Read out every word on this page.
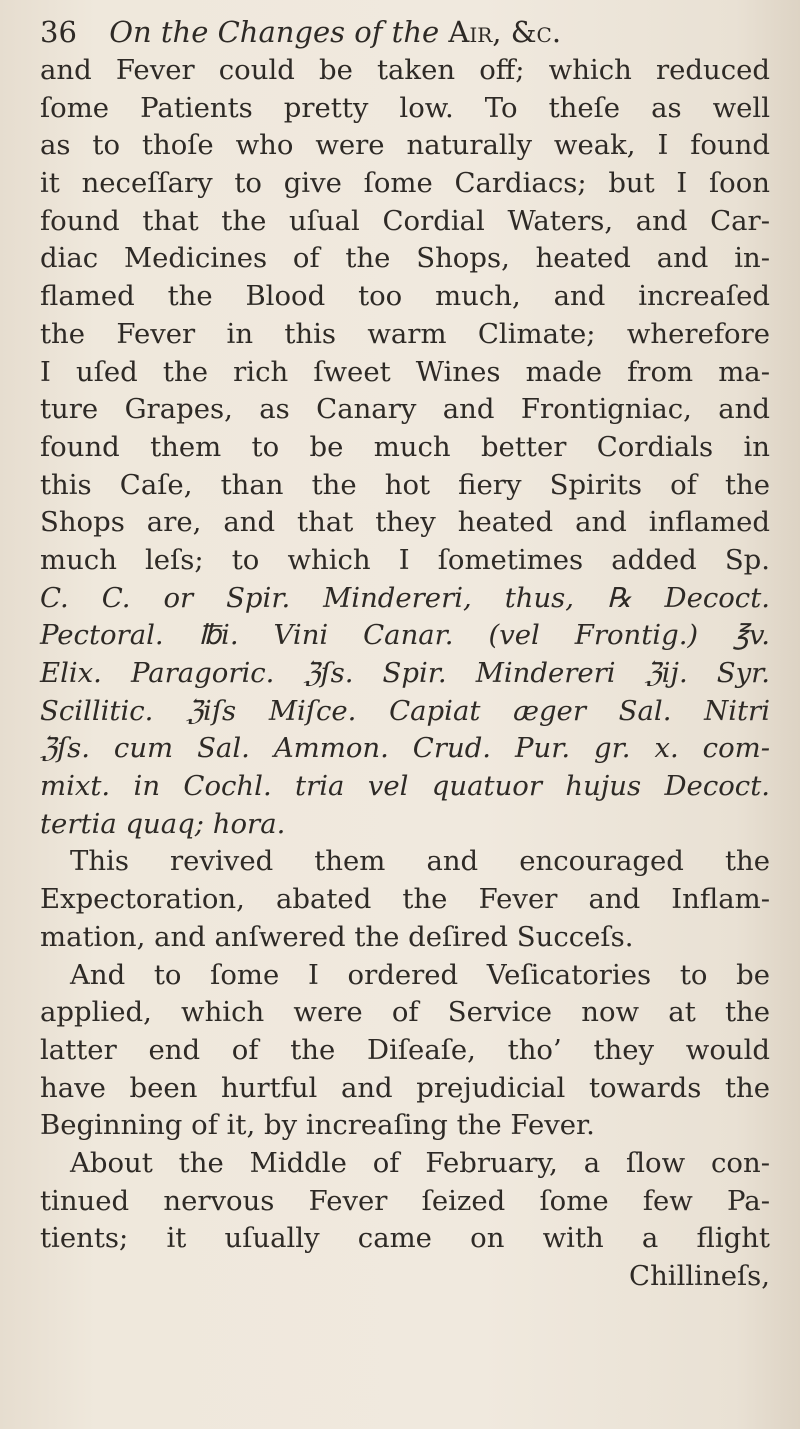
36 On the Changes of the Air, &c.
and Fever could be taken off; which reduced
ſome Patients pretty low. To theſe as well
as to thoſe who were naturally weak, I found
it neceſſary to give ſome Cardiacs; but I ſoon
found that the uſual Cordial Waters, and Car-
diac Medicines of the Shops, heated and in-
flamed the Blood too much, and increaſed
the Fever in this warm Climate; wherefore
I uſed the rich ſweet Wines made from ma-
ture Grapes, as Canary and Frontigniac, and
found them to be much better Cordials in
this Caſe, than the hot fiery Spirits of the
Shops are, and that they heated and inflamed
much leſs; to which I ſometimes added Sp.
C. C. or Spir. Mindereri, thus, ℞ Decoct.
Pectoral. ℔i. Vini Canar. (vel Frontig.) ℥v.
Elix. Paragoric. ℨſs. Spir. Mindereri ℨij. Syr.
Scillitic. ℨiſs Miſce. Capiat æger Sal. Nitri
ℨſs. cum Sal. Ammon. Crud. Pur. gr. x. com-
mixt. in Cochl. tria vel quatuor hujus Decoct.
tertia quaq; hora.
This revived them and encouraged the
Expectoration, abated the Fever and Inflam-
mation, and anſwered the deſired Succeſs.
And to ſome I ordered Veſicatories to be
applied, which were of Service now at the
latter end of the Diſeaſe, tho’ they would
have been hurtful and prejudicial towards the
Beginning of it, by increaſing the Fever.
About the Middle of February, a ſlow con-
tinued nervous Fever ſeized ſome few Pa-
tients; it uſually came on with a flight
Chillineſs,
